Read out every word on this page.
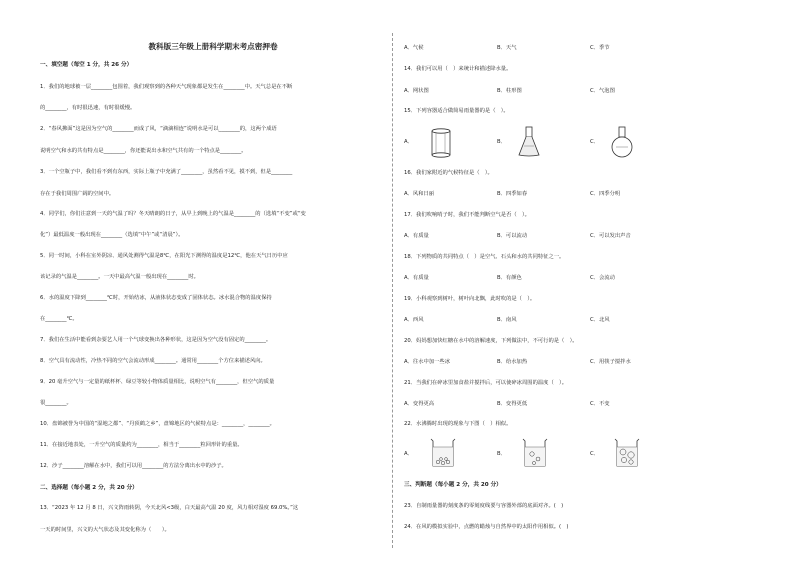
教科版三年级上册科学期末考点密押卷
一、填空题（每空 1 分，共 26 分）
1．我们的地球被一层________包围着，我们观察到的各种天气现象都是发生在________中。天气总是在不断
的________，有时很迅速，有时很缓慢。
2．“春风拂面”这是因为空气的________而成了风，“滴滴相连”说明水是可以________的，这两个成语
说明空气和水的共有特点是________，你还能说出水和空气共有的一个特点是________。
3．一个空瓶子中，我们看不到有东西，实际上瓶子中充满了________，虽然看不见，摸不到，但是________
存在于我们周围广阔的空间中。
4．同学们，你们注意到一天的气温了吗？冬天晴朗的日子，从早上到晚上的气温是________的（选填“不变”或“变
化”）最低温度一般出现在________（选填“中午”或“清晨”）。
5．同一时间，小科在室外阴凉、通风处测得气温是8℃，在阳光下测得的温度是12℃，他在天气日历中应
该记录的气温是________。一天中最高气温一般出现在________时。
6．水的温度下降到________℃时，开始结冰，从液体状态变成了固体状态。冰水混合物的温度保持
在________℃。
7．我们在生活中能看到杂耍艺人用一个气球变换出各种形状，这是因为空气没有固定的________。
8．空气具有流动性，冷热不同的空气会流动形成________。通常用________个方位来描述风向。
9．20 毫升空气与一定量的纸杯杯、绿豆等较小物体质量相比，说明空气有________，但空气的质量
很________。
10．盘锦被誉为中国的“湿地之都”、“丹顶鹤之乡”，盘锦地区的气候特点是：________，________。
11．在接近地表处，一升空气的质量约为________，相当于________粒回形针的重量。
12．沙子________溶解在水中，我们可以用________的方法分离出水中的沙子。
二、选择题（每小题 2 分，共 20 分）
13．“2023 年 12 月 8 日，兴文阵雨转阴，今天北风<3级，白天最高气温 20 度，风力相对湿度 69.0%。”这
一天的时间里，兴文的大气状态及其变化称为（　　）。
A．气候	B．天气	C．季节
14．我们可以用（　）来统计和描述降水量。
A．网状图	B．柱形图	C．气泡图
15．下列容器适合做简易雨量器的是（　）。
A．	B．	C．
16．我们家附近的气候特征是（　）。
A．风和日丽	B．四季如春	C．四季分明
17．我们吹响哨子时，我们不能判断空气是否（　）。
A．有质量	B．可以流动	C．可以发出声音
18．下列物质的共同特点（　）是空气、石头和水的共同特征之一。
A．有质量	B．有颜色	C．会流动
19．小科观察到树叶，树叶向北飘，此时吹的是（　）。
A．西风	B．南风	C．北风
20．妈妈想加快红糖在水中的溶解速度，下列做法中，不可行的是（　）。
A．往水中加一些冰	B．给水加热	C．用筷子搅拌水
21．当我们在碎冰里加食盐并搅拌后，可以使碎冰周围的温度（　）。
A．变得更高	B．变得更低	C．不变
22．水沸腾时出现的现象与下图（　）相似。
A．	B．	C．
三、判断题（每小题 2 分，共 20 分）
23．自制雨量器的刻度条的零刻度线要与容器外部的底面对齐。(　)
24．在风的模拟实验中，点燃的蜡烛与自然界中的太阳作用相似。(　)
